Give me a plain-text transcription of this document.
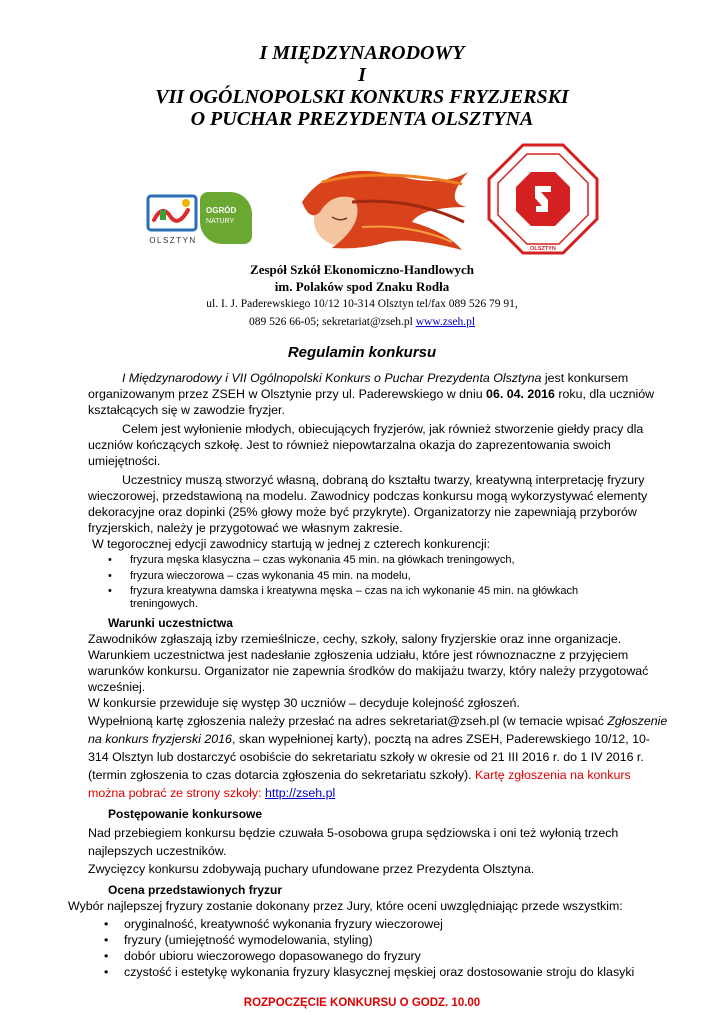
I MIĘDZYNARODOWY
I
VII OGÓLNOPOLSKI KONKURS FRYZJERSKI
O PUCHAR PREZYDENTA OLSZTYNA
OLSZTYN
OGRÓD
NATURY
OLSZTYN
Zespół Szkół Ekonomiczno-Handlowych
im. Polaków spod Znaku Rodła
ul. I. J. Paderewskiego 10/12 10-314 Olsztyn tel/fax 089 526 79 91,
089 526 66-05; sekretariat@zseh.pl www.zseh.pl
Regulamin konkursu
I Międzynarodowy i VII Ogólnopolski Konkurs o Puchar Prezydenta Olsztyna jest konkursem
organizowanym przez ZSEH w Olsztynie przy ul. Paderewskiego w dniu 06. 04. 2016 roku, dla uczniów
kształcących się w zawodzie fryzjer.
Celem jest wyłonienie młodych, obiecujących fryzjerów, jak również stworzenie giełdy pracy dla
uczniów kończących szkołę. Jest to również niepowtarzalna okazja do zaprezentowania swoich
umiejętności.
Uczestnicy muszą stworzyć własną, dobraną do kształtu twarzy, kreatywną interpretację fryzury
wieczorowej, przedstawioną na modelu. Zawodnicy podczas konkursu mogą wykorzystywać elementy
dekoracyjne oraz dopinki (25% głowy może być przykryte). Organizatorzy nie zapewniają przyborów
fryzjerskich, należy je przygotować we własnym zakresie.
W tegorocznej edycji zawodnicy startują w jednej z czterech konkurencji:
• fryzura męska klasyczna – czas wykonania 45 min. na główkach treningowych,
• fryzura wieczorowa – czas wykonania 45 min. na modelu,
• fryzura kreatywna damska i kreatywna męska – czas na ich wykonanie 45 min. na główkach
treningowych.
Warunki uczestnictwa
Zawodników zgłaszają izby rzemieślnicze, cechy, szkoły, salony fryzjerskie oraz inne organizacje.
Warunkiem uczestnictwa jest nadesłanie zgłoszenia udziału, które jest równoznaczne z przyjęciem
warunków konkursu. Organizator nie zapewnia środków do makijażu twarzy, który należy przygotować
wcześniej.
W konkursie przewiduje się występ 30 uczniów – decyduje kolejność zgłoszeń.
Wypełnioną kartę zgłoszenia należy przesłać na adres sekretariat@zseh.pl (w temacie wpisać Zgłoszenie
na konkurs fryzjerski 2016, skan wypełnionej karty), pocztą na adres ZSEH, Paderewskiego 10/12, 10-
314 Olsztyn lub dostarczyć osobiście do sekretariatu szkoły w okresie od 21 III 2016 r. do 1 IV 2016 r.
(termin zgłoszenia to czas dotarcia zgłoszenia do sekretariatu szkoły). Kartę zgłoszenia na konkurs
można pobrać ze strony szkoły: http://zseh.pl
Postępowanie konkursowe
Nad przebiegiem konkursu będzie czuwała 5-osobowa grupa sędziowska i oni też wyłonią trzech
najlepszych uczestników.
Zwycięzcy konkursu zdobywają puchary ufundowane przez Prezydenta Olsztyna.
Ocena przedstawionych fryzur
Wybór najlepszej fryzury zostanie dokonany przez Jury, które oceni uwzględniając przede wszystkim:
• oryginalność, kreatywność wykonania fryzury wieczorowej
• fryzury (umiejętność wymodelowania, styling)
• dobór ubioru wieczorowego dopasowanego do fryzury
• czystość i estetykę wykonania fryzury klasycznej męskiej oraz dostosowanie stroju do klasyki
ROZPOCZĘCIE KONKURSU O GODZ. 10.00
